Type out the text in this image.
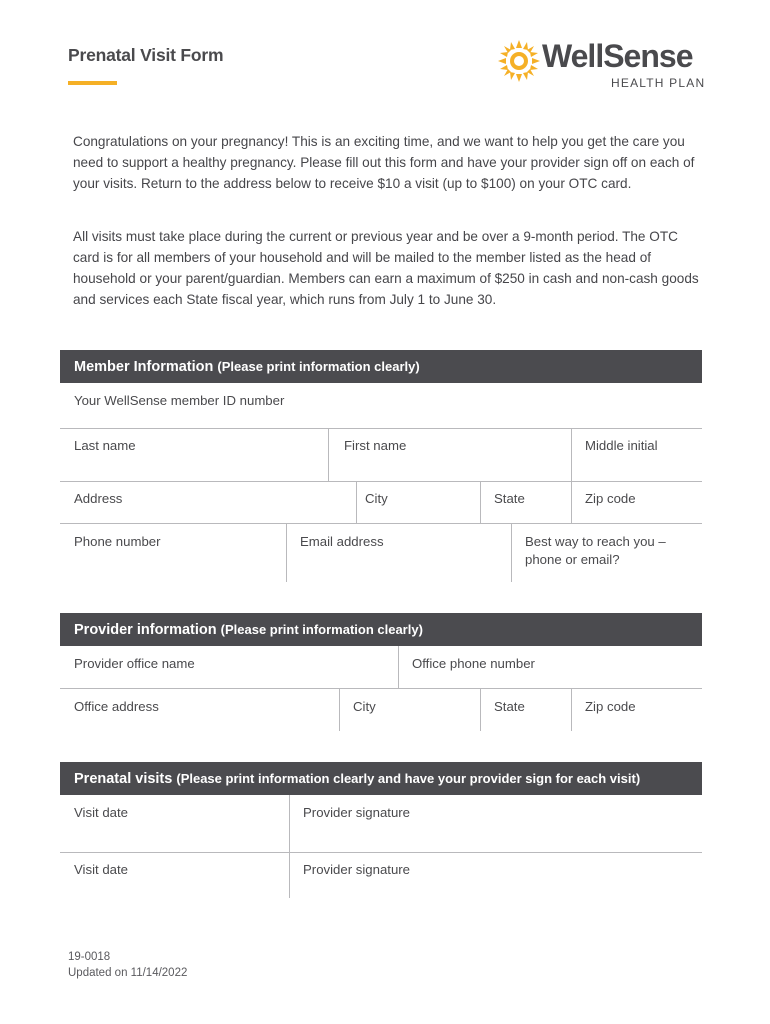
Prenatal Visit Form	WellSense
HEALTH PLAN

Congratulations on your pregnancy! This is an exciting time, and we want to help you get the care you need to support a healthy pregnancy. Please fill out this form and have your provider sign off on each of your visits. Return to the address below to receive $10 a visit (up to $100) on your OTC card.

All visits must take place during the current or previous year and be over a 9-month period. The OTC card is for all members of your household and will be mailed to the member listed as the head of household or your parent/guardian. Members can earn a maximum of $250 in cash and non-cash goods and services each State fiscal year, which runs from July 1 to June 30.

Member Information (Please print information clearly)
Your WellSense member ID number
Last name	First name	Middle initial
Address	City	State	Zip code
Phone number	Email address	Best way to reach you – phone or email?
Provider information (Please print information clearly)
Provider office name	Office phone number
Office address	City	State	Zip code
Prenatal visits (Please print information clearly and have your provider sign for each visit)
Visit date	Provider signature
Visit date	Provider signature
19-0018
Updated on 11/14/2022
